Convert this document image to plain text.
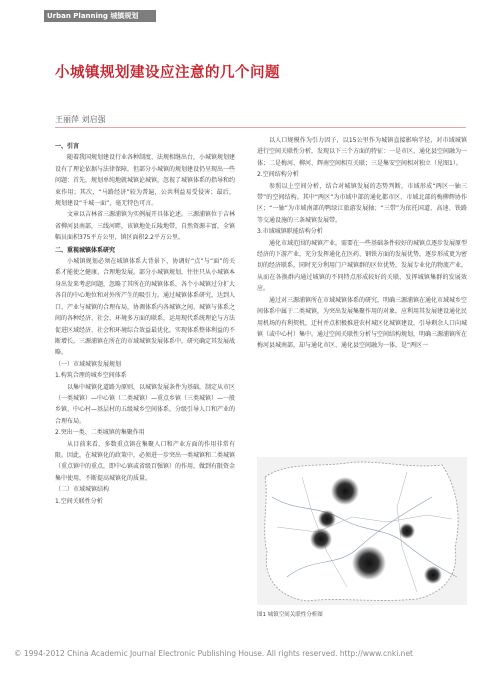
Urban Planning 城镇规划
小城镇规划建设应注意的几个问题
王丽萍 刘启强

一、引言

随着我国规划建设行业各种制度、法规相继出台，小城镇规划建设有了理论依据与法律保障，但部分小城镇的规划建设仍呈现出一些问题：首先，规划单纯地就城镇论城镇，忽视了城镇体系的指导和约束作用；其次，“马路经济”较为普遍，公共利益易受侵害；最后，规划建设“千城一面”，毫无特色可言。

文章以吉林省三源浦镇为实例展开具体论述。三源浦镇位于吉林省柳河县南部，三线河畔，该镇地处丘陵地带，自然资源丰富，全镇幅员面积375平方公里，镇区面积2.2平方公里。

二、重视城镇体系研究

小城镇规划必须在城镇体系大背景下，协调好“点”与“面”的关系才能使之健康、合理地发展。部分小城镇规划，往往只从小城镇本身出发来考虑问题，忽略了其所在的城镇体系，各个小城镇过分扩大各自的中心地位和对外所产生的吸引力。通过城镇体系研究，达到人口、产业与城镇的合理布局，协调体系内各城镇之间、城镇与体系之间的各种经济、社会、环境多方面的联系，运用现代系统理论与方法促进区域经济、社会和环境综合效益最优化，实现体系整体利益的不断增长。三源浦镇在所在的市域城镇发展体系中，研究确定其发展战略。

（一）市域城镇发展规划

1.构筑合理的城乡空间体系

以集中城镇化道路为原则，以城镇发展条件为基础，制定从市区（一类城镇）—中心镇（二类城镇）—重点乡镇（三类城镇）—一般乡镇、中心村—基层村的五级城乡空间体系，分级引导人口和产业的合理布局。

2.突出一类、二类城镇的集聚作用

从目前来看，多数重点镇在集聚人口和产业方面的作用非常有限。因此，在城镇化的政策中，必须进一步突出一类城镇和二类城镇（重点镇中的重点，即中心镇或省级百强镇）的作用，做到有限资金集中使用，不断提高城镇化的质量。

（二）市域城镇结构

1.空间关联性分析

以人口规模作为引力因子，以15公里作为城镇直接影响半径，对市域城镇进行空间关联性分析，发现以下三个方面的特征：一是市区、通化县空间融为一体；二是梅河、柳河、辉南空间相互关联；三是集安空间相对独立（见图1）。

2.空间结构分析

参照以上空间分析，结合对城镇发展的态势判断，市域形成“两区一轴三带”的空间结构。其中“两区”为市域中部的通化都市区、市域北部的梅柳辉协作区；“一轴”为市域南部的鸭绿江旅游发展轴；“三带”为依托国道、高速、铁路等交通设施的三条城镇发展带。

3.市域城镇职能结构分析

通化市域范围的城镇产业，需要在一些基础条件较好的城镇点逐步发展原型经济的下游产业，充分发挥通化在医药、钢铁方面的发展优势，逐步形成更为密切的经济联系，同时充分利用门户城镇群的区位优势，发展专业化的物流产业，从而在各换群内通过城镇的不同特点形成较好的关联，发挥城镇集群的发展效应。

通过对三源浦镇所在市域城镇体系的研究，明确三源浦镇在通化市域城乡空间体系中属于二类城镇，为突出发展集聚作用的对象，应利用其发展建设通化民用机场的有利契机，迁村并点积极推进农村城区化城镇建设，引导剩余人口向城镇（或中心村）集中。通过空间关联性分析与空间结构规划，明确三源浦镇所在梅河县城南部，却与通化市区、通化县空间融为一体，是“两区一

图1 城镇空间关联性分析图
© 1994-2012 China Academic Journal Electronic Publishing House. All rights reserved. http://www.cnki.net
